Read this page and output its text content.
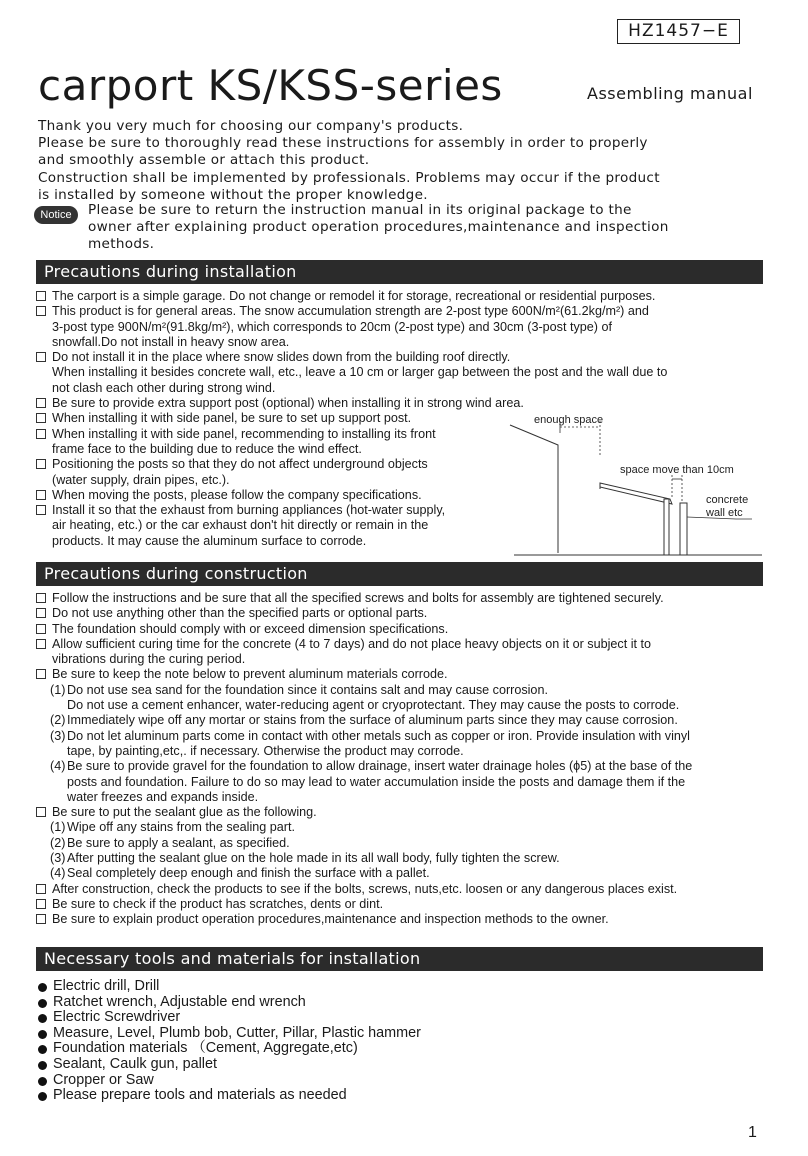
HZ1457−E
carport KS/KSS-series	Assembling manual
Thank you very much for choosing our company's products.
Please be sure to thoroughly read these instructions for assembly in order to properly
and smoothly assemble or attach this product.
Construction shall be implemented by professionals. Problems may occur if the product
is installed by someone without the proper knowledge.
Notice	Please be sure to return the instruction manual in its original package to the
owner after explaining product operation procedures,maintenance and inspection
methods.
Precautions during installation
The carport is a simple garage. Do not change or remodel it for storage, recreational or residential purposes.
This product is for general areas. The snow accumulation strength are 2-post type 600N/m²(61.2kg/m²) and
3-post type 900N/m²(91.8kg/m²), which corresponds to 20cm (2-post type) and 30cm (3-post type) of
snowfall.Do not install in heavy snow area.
Do not install it in the place where snow slides down from the building roof directly.
When installing it besides concrete wall, etc., leave a 10 cm or larger gap between the post and the wall due to
not clash each other during strong wind.
Be sure to provide extra support post (optional) when installing it in strong wind area.
When installing it with side panel, be sure to set up support post.
When installing it with side panel, recommending to installing its front
frame face to the building due to reduce the wind effect.
Positioning the posts so that they do not affect underground objects
(water supply, drain pipes, etc.).
When moving the posts, please follow the company specifications.
Install it so that the exhaust from burning appliances (hot-water supply,
air heating, etc.) or the car exhaust don't hit directly or remain in the
products. It may cause the aluminum surface to corrode.
enough space
space move than 10cm
concrete
wall etc
Precautions during construction
Follow the instructions and be sure that all the specified screws and bolts for assembly are tightened securely.
Do not use anything other than the specified parts or optional parts.
The foundation should comply with or exceed dimension specifications.
Allow sufficient curing time for the concrete (4 to 7 days) and do not place heavy objects on it or subject it to
vibrations during the curing period.
Be sure to keep the note below to prevent aluminum materials corrode.
(1) Do not use sea sand for the foundation since it contains salt and may cause corrosion.
Do not use a cement enhancer, water-reducing agent or cryoprotectant. They may cause the posts to corrode.
(2) Immediately wipe off any mortar or stains from the surface of aluminum parts since they may cause corrosion.
(3) Do not let aluminum parts come in contact with other metals such as copper or iron. Provide insulation with vinyl
tape, by painting,etc,. if necessary. Otherwise the product may corrode.
(4) Be sure to provide gravel for the foundation to allow drainage, insert water drainage holes (ϕ5) at the base of the
posts and foundation. Failure to do so may lead to water accumulation inside the posts and damage them if the
water freezes and expands inside.
Be sure to put the sealant glue as the following.
(1) Wipe off any stains from the sealing part.
(2) Be sure to apply a sealant, as specified.
(3) After putting the sealant glue on the hole made in its all wall body, fully tighten the screw.
(4) Seal completely deep enough and finish the surface with a pallet.
After construction, check the products to see if the bolts, screws, nuts,etc. loosen or any dangerous places exist.
Be sure to check if the product has scratches, dents or dint.
Be sure to explain product operation procedures,maintenance and inspection methods to the owner.
Necessary tools and materials for installation
Electric drill, Drill
Ratchet wrench, Adjustable end wrench
Electric Screwdriver
Measure, Level, Plumb bob, Cutter, Pillar, Plastic hammer
Foundation materials （Cement, Aggregate,etc)
Sealant, Caulk gun, pallet
Cropper or Saw
Please prepare tools and materials as needed
1
